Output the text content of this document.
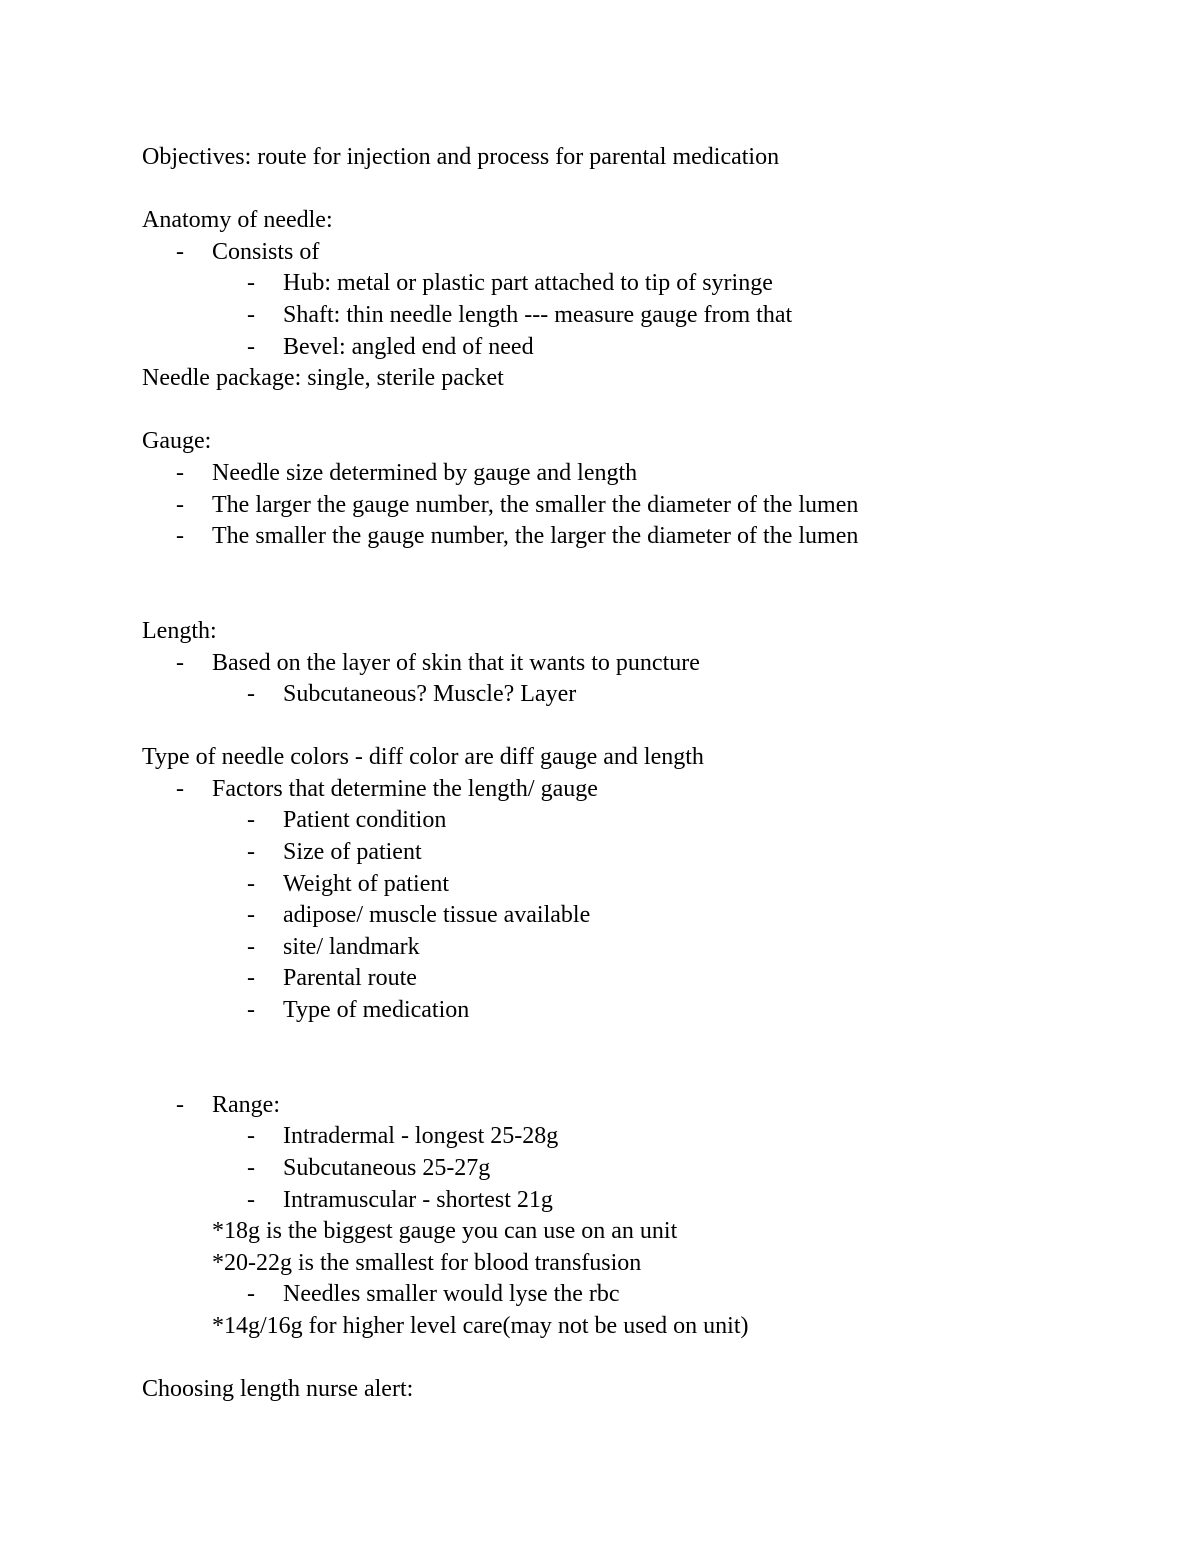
Objectives: route for injection and process for parental medication
Anatomy of needle:
- Consists of
- Hub: metal or plastic part attached to tip of syringe
- Shaft: thin needle length --- measure gauge from that
- Bevel: angled end of need
Needle package: single, sterile packet
Gauge:
- Needle size determined by gauge and length
- The larger the gauge number, the smaller the diameter of the lumen
- The smaller the gauge number, the larger the diameter of the lumen
Length:
- Based on the layer of skin that it wants to puncture
- Subcutaneous? Muscle? Layer
Type of needle colors - diff color are diff gauge and length
- Factors that determine the length/ gauge
- Patient condition
- Size of patient
- Weight of patient
- adipose/ muscle tissue available
- site/ landmark
- Parental route
- Type of medication
- Range:
- Intradermal - longest 25-28g
- Subcutaneous 25-27g
- Intramuscular - shortest 21g
*18g is the biggest gauge you can use on an unit
*20-22g is the smallest for blood transfusion
- Needles smaller would lyse the rbc
*14g/16g for higher level care(may not be used on unit)
Choosing length nurse alert:
